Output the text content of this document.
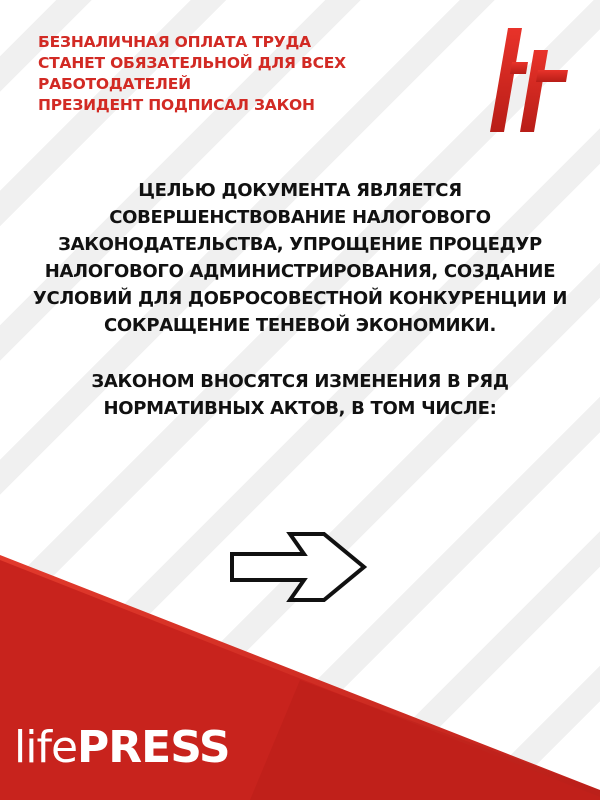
БЕЗНАЛИЧНАЯ ОПЛАТА ТРУДА
СТАНЕТ ОБЯЗАТЕЛЬНОЙ ДЛЯ ВСЕХ
РАБОТОДАТЕЛЕЙ
ПРЕЗИДЕНТ ПОДПИСАЛ ЗАКОН

ЦЕЛЬЮ ДОКУМЕНТА ЯВЛЯЕТСЯ
СОВЕРШЕНСТВОВАНИЕ НАЛОГОВОГО
ЗАКОНОДАТЕЛЬСТВА, УПРОЩЕНИЕ ПРОЦЕДУР
НАЛОГОВОГО АДМИНИСТРИРОВАНИЯ, СОЗДАНИЕ
УСЛОВИЙ ДЛЯ ДОБРОСОВЕСТНОЙ КОНКУРЕНЦИИ И
СОКРАЩЕНИЕ ТЕНЕВОЙ ЭКОНОМИКИ.

ЗАКОНОМ ВНОСЯТСЯ ИЗМЕНЕНИЯ В РЯД
НОРМАТИВНЫХ АКТОВ, В ТОМ ЧИСЛЕ:

lifePRESS
